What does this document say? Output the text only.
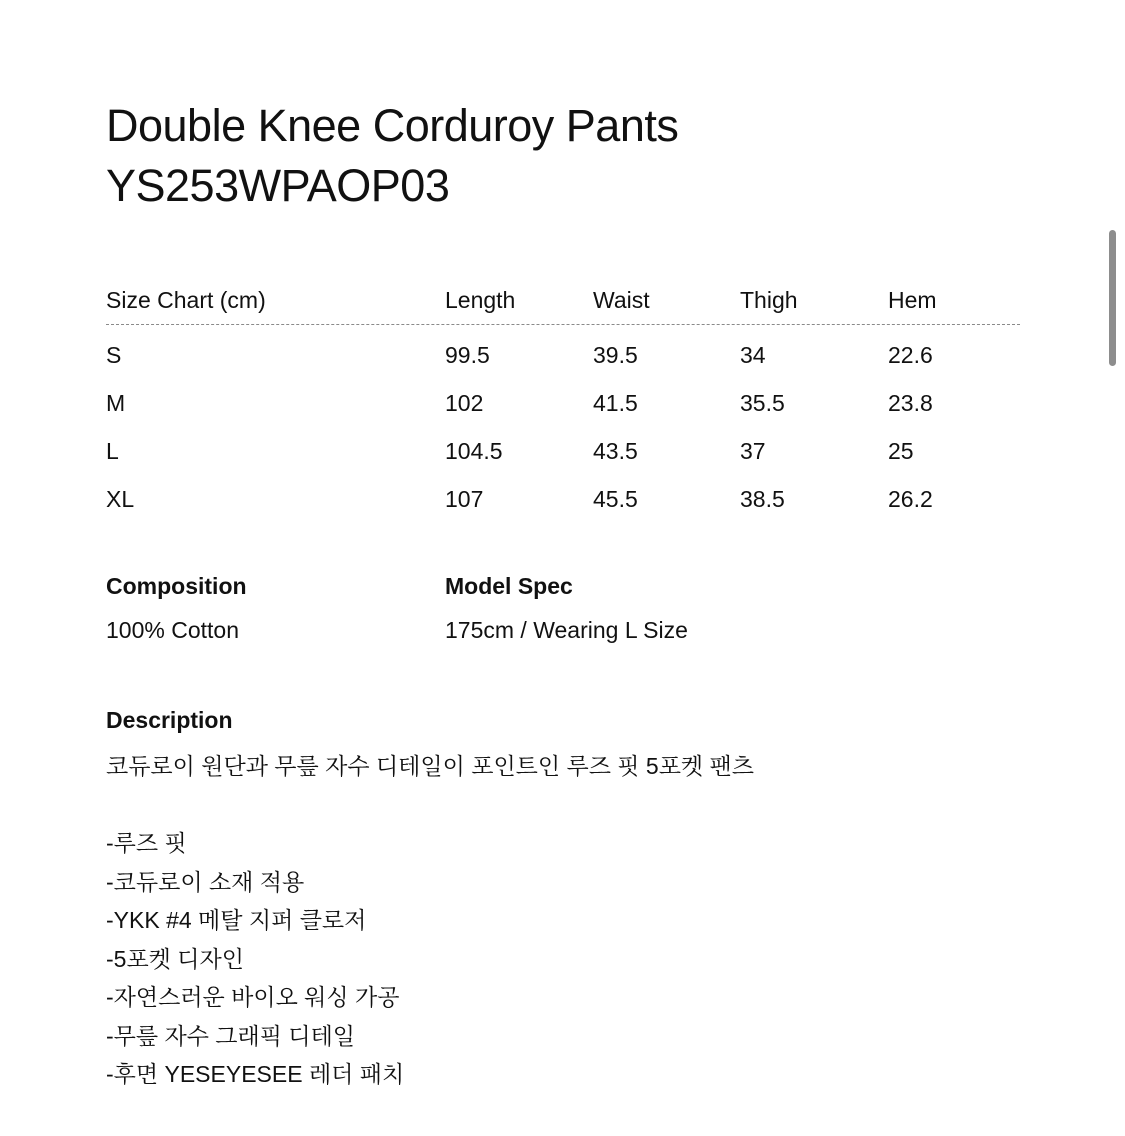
Double Knee Corduroy Pants
YS253WPAOP03
Size Chart (cm)	Length	Waist	Thigh	Hem
S	99.5	39.5	34	22.6
M	102	41.5	35.5	23.8
L	104.5	43.5	37	25
XL	107	45.5	38.5	26.2
Composition
100% Cotton
Model Spec
175cm / Wearing L Size
Description
코듀로이 원단과 무릎 자수 디테일이 포인트인 루즈 핏 5포켓 팬츠
-루즈 핏
-코듀로이 소재 적용
-YKK #4 메탈 지퍼 클로저
-5포켓 디자인
-자연스러운 바이오 워싱 가공
-무릎 자수 그래픽 디테일
-후면 YESEYESEE 레더 패치
